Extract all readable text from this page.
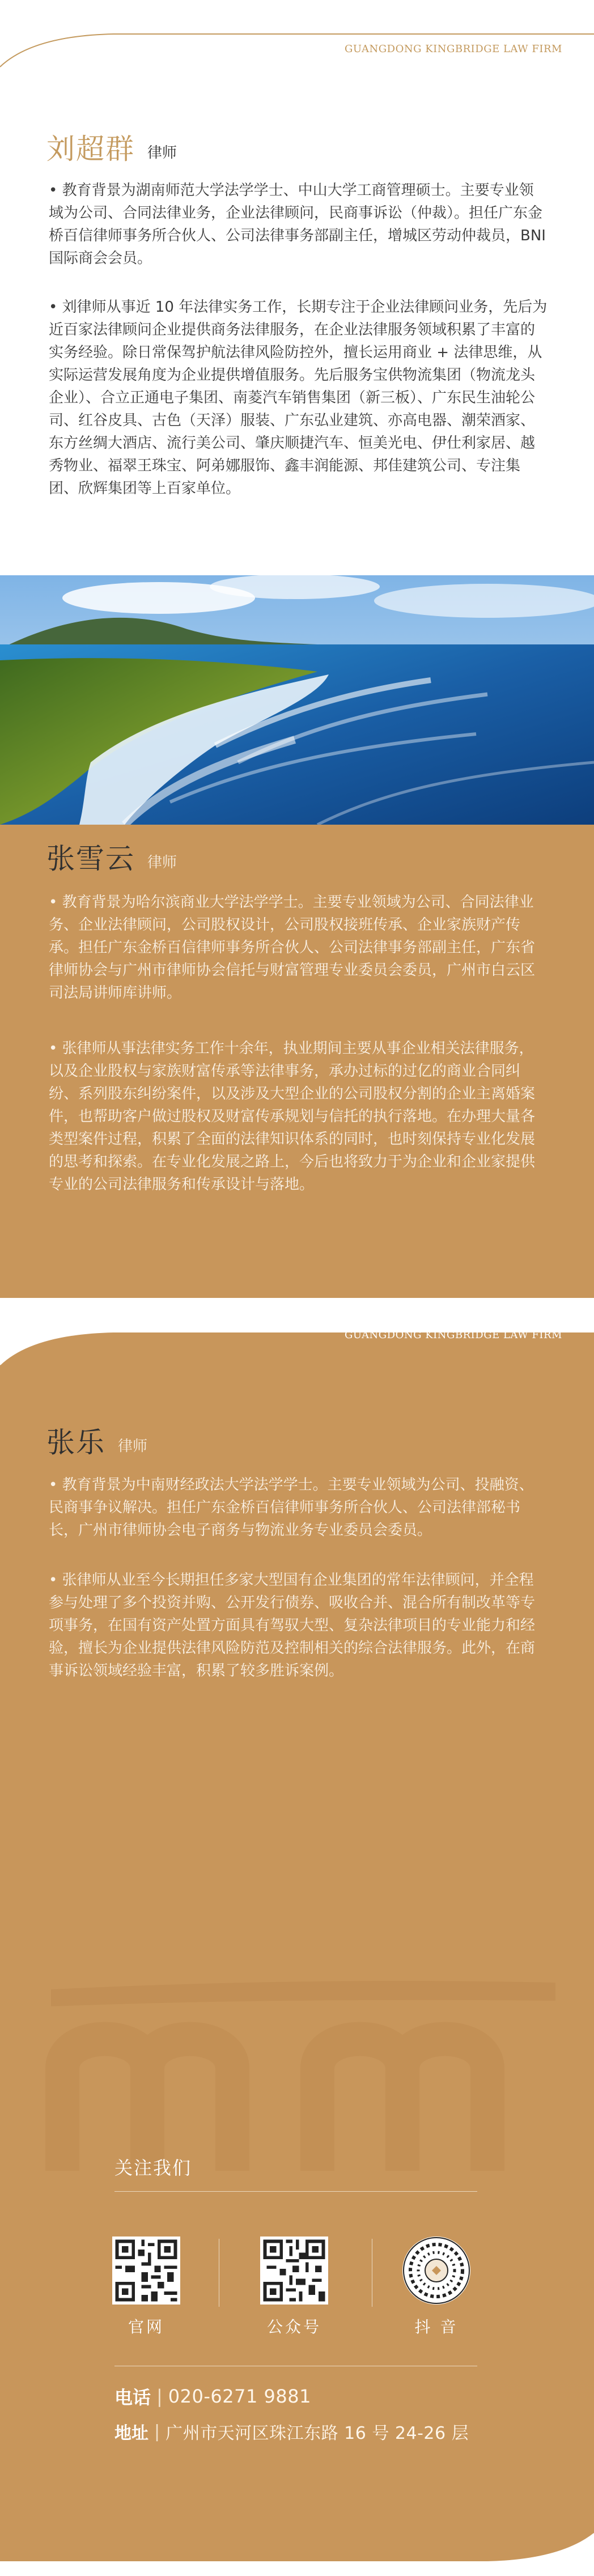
GUANGDONG KINGBRIDGE LAW FIRM
刘超群 律师

• 教育背景为湖南师范大学法学学士、中山大学工商管理硕士。主要专业领域为公司、合同法律业务，企业法律顾问，民商事诉讼（仲裁）。担任广东金桥百信律师事务所合伙人、公司法律事务部副主任，增城区劳动仲裁员，BNI 国际商会会员。

• 刘律师从事近 10 年法律实务工作，长期专注于企业法律顾问业务，先后为近百家法律顾问企业提供商务法律服务，在企业法律服务领域积累了丰富的实务经验。除日常保驾护航法律风险防控外，擅长运用商业 + 法律思维，从实际运营发展角度为企业提供增值服务。先后服务宝供物流集团（物流龙头企业）、合立正通电子集团、南菱汽车销售集团（新三板）、广东民生油轮公司、红谷皮具、古色（天泽）服装、广东弘业建筑、亦高电器、潮荣酒家、东方丝绸大酒店、流行美公司、肇庆顺捷汽车、恒美光电、伊仕利家居、越秀物业、福翠王珠宝、阿弟娜服饰、鑫丰润能源、邦佳建筑公司、专注集团、欣辉集团等上百家单位。

张雪云 律师

• 教育背景为哈尔滨商业大学法学学士。主要专业领域为公司、合同法律业务、企业法律顾问，公司股权设计，公司股权接班传承、企业家族财产传承。担任广东金桥百信律师事务所合伙人、公司法律事务部副主任，广东省律师协会与广州市律师协会信托与财富管理专业委员会委员，广州市白云区司法局讲师库讲师。

• 张律师从事法律实务工作十余年，执业期间主要从事企业相关法律服务，以及企业股权与家族财富传承等法律事务，承办过标的过亿的商业合同纠纷、系列股东纠纷案件，以及涉及大型企业的公司股权分割的企业主离婚案件，也帮助客户做过股权及财富传承规划与信托的执行落地。在办理大量各类型案件过程，积累了全面的法律知识体系的同时，也时刻保持专业化发展的思考和探索。在专业化发展之路上，今后也将致力于为企业和企业家提供专业的公司法律服务和传承设计与落地。

GUANGDONG KINGBRIDGE LAW FIRM
张乐 律师

• 教育背景为中南财经政法大学法学学士。主要专业领域为公司、投融资、民商事争议解决。担任广东金桥百信律师事务所合伙人、公司法律部秘书长，广州市律师协会电子商务与物流业务专业委员会委员。

• 张律师从业至今长期担任多家大型国有企业集团的常年法律顾问，并全程参与处理了多个投资并购、公开发行债券、吸收合并、混合所有制改革等专项事务，在国有资产处置方面具有驾驭大型、复杂法律项目的专业能力和经验，擅长为企业提供法律风险防范及控制相关的综合法律服务。此外，在商事诉讼领域经验丰富，积累了较多胜诉案例。

关注我们
官网	公众号	抖 音
电话 | 020-6271 9881
地址 | 广州市天河区珠江东路 16 号 24-26 层
